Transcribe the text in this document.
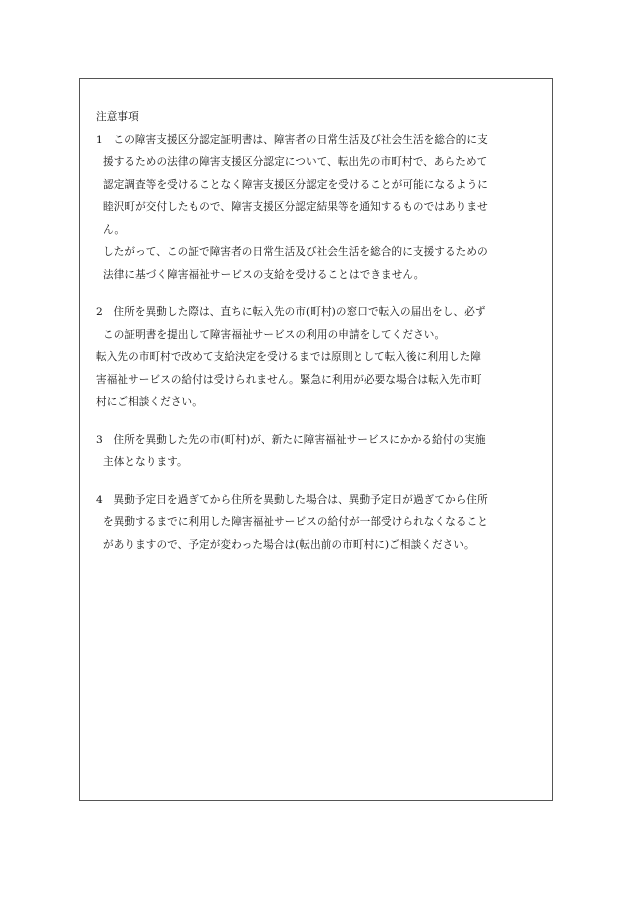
注意事項

1　この障害支援区分認定証明書は、障害者の日常生活及び社会生活を総合的に支
援するための法律の障害支援区分認定について、転出先の市町村で、あらためて
認定調査等を受けることなく障害支援区分認定を受けることが可能になるように
睦沢町が交付したもので、障害支援区分認定結果等を通知するものではありませ
ん。
したがって、この証で障害者の日常生活及び社会生活を総合的に支援するための
法律に基づく障害福祉サービスの支給を受けることはできません。
2　住所を異動した際は、直ちに転入先の市(町村)の窓口で転入の届出をし、必ず
この証明書を提出して障害福祉サービスの利用の申請をしてください。
転入先の市町村で改めて支給決定を受けるまでは原則として転入後に利用した障
害福祉サービスの給付は受けられません。緊急に利用が必要な場合は転入先市町
村にご相談ください。
3　住所を異動した先の市(町村)が、新たに障害福祉サービスにかかる給付の実施
主体となります。
4　異動予定日を過ぎてから住所を異動した場合は、異動予定日が過ぎてから住所
を異動するまでに利用した障害福祉サービスの給付が一部受けられなくなること
がありますので、予定が変わった場合は(転出前の市町村に)ご相談ください。
